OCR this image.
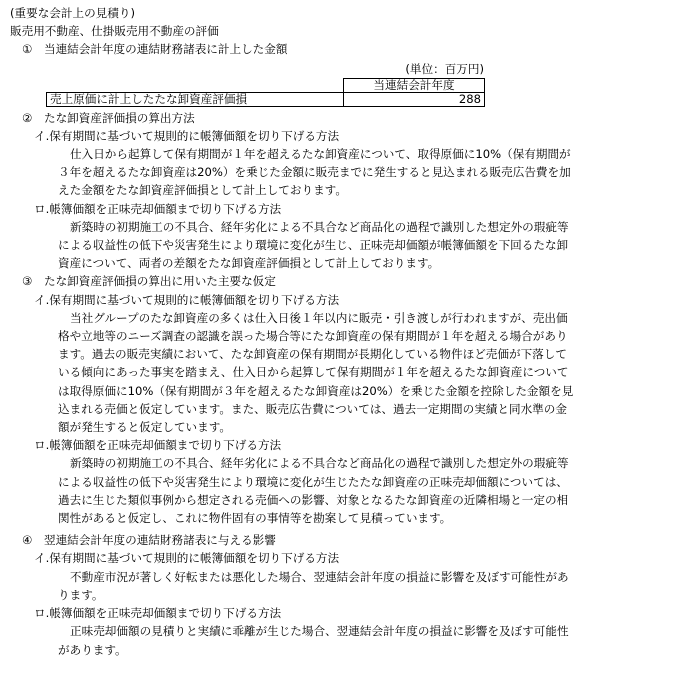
(重要な会計上の見積り)
販売用不動産、仕掛販売用不動産の評価
①　当連結会計年度の連結財務諸表に計上した金額
(単位：百万円)
	当連結会計年度
売上原価に計上したたな卸資産評価損	288
②　たな卸資産評価損の算出方法
イ.保有期間に基づいて規則的に帳簿価額を切り下げる方法
仕入日から起算して保有期間が１年を超えるたな卸資産について、取得原価に10%（保有期間が
３年を超えるたな卸資産は20%）を乗じた金額に販売までに発生すると見込まれる販売広告費を加
えた金額をたな卸資産評価損として計上しております。
ロ.帳簿価額を正味売却価額まで切り下げる方法
新築時の初期施工の不具合、経年劣化による不具合など商品化の過程で識別した想定外の瑕疵等
による収益性の低下や災害発生により環境に変化が生じ、正味売却価額が帳簿価額を下回るたな卸
資産について、両者の差額をたな卸資産評価損として計上しております。
③　たな卸資産評価損の算出に用いた主要な仮定
イ.保有期間に基づいて規則的に帳簿価額を切り下げる方法
当社グループのたな卸資産の多くは仕入日後１年以内に販売・引き渡しが行われますが、売出価
格や立地等のニーズ調査の認識を誤った場合等にたな卸資産の保有期間が１年を超える場合があり
ます。過去の販売実績において、たな卸資産の保有期間が長期化している物件ほど売価が下落して
いる傾向にあった事実を踏まえ、仕入日から起算して保有期間が１年を超えるたな卸資産について
は取得原価に10%（保有期間が３年を超えるたな卸資産は20%）を乗じた金額を控除した金額を見
込まれる売価と仮定しています。また、販売広告費については、過去一定期間の実績と同水準の金
額が発生すると仮定しています。
ロ.帳簿価額を正味売却価額まで切り下げる方法
新築時の初期施工の不具合、経年劣化による不具合など商品化の過程で識別した想定外の瑕疵等
による収益性の低下や災害発生により環境に変化が生じたたな卸資産の正味売却価額については、
過去に生じた類似事例から想定される売価への影響、対象となるたな卸資産の近隣相場と一定の相
関性があると仮定し、これに物件固有の事情等を勘案して見積っています。
④　翌連結会計年度の連結財務諸表に与える影響
イ.保有期間に基づいて規則的に帳簿価額を切り下げる方法
不動産市況が著しく好転または悪化した場合、翌連結会計年度の損益に影響を及ぼす可能性があ
ります。
ロ.帳簿価額を正味売却価額まで切り下げる方法
正味売却価額の見積りと実績に乖離が生じた場合、翌連結会計年度の損益に影響を及ぼす可能性
があります。
